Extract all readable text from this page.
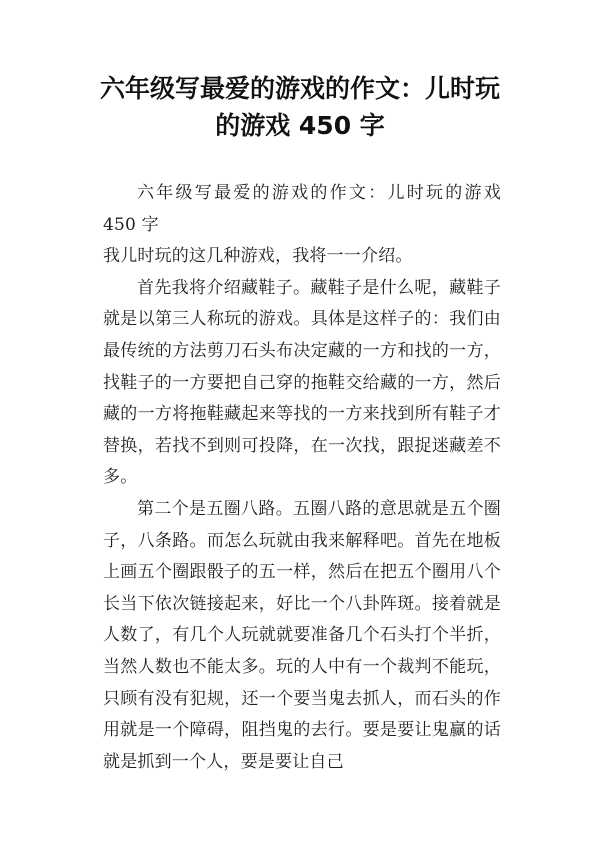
六年级写最爱的游戏的作文：儿时玩
的游戏 450 字

六年级写最爱的游戏的作文：儿时玩的游戏 450 字

我儿时玩的这几种游戏，我将一一介绍。

首先我将介绍藏鞋子。藏鞋子是什么呢，藏鞋子就是以第三人称玩的游戏。具体是这样子的：我们由最传统的方法剪刀石头布决定藏的一方和找的一方，找鞋子的一方要把自己穿的拖鞋交给藏的一方，然后藏的一方将拖鞋藏起来等找的一方来找到所有鞋子才替换，若找不到则可投降，在一次找，跟捉迷藏差不多。

第二个是五圈八路。五圈八路的意思就是五个圈子，八条路。而怎么玩就由我来解释吧。首先在地板上画五个圈跟骰子的五一样，然后在把五个圈用八个长当下依次链接起来，好比一个八卦阵斑。接着就是人数了，有几个人玩就就要准备几个石头打个半折，当然人数也不能太多。玩的人中有一个裁判不能玩，只顾有没有犯规，还一个要当鬼去抓人，而石头的作用就是一个障碍，阻挡鬼的去行。要是要让鬼赢的话就是抓到一个人，要是要让自己
